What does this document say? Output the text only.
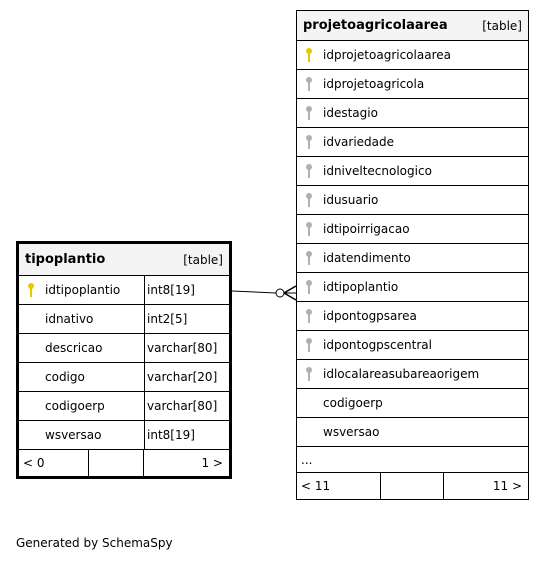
tipoplantio	[table]
idtipoplantio	int8[19]
idnativo	int2[5]
descricao	varchar[80]
codigo	varchar[20]
codigoerp	varchar[80]
wsversao	int8[19]
< 0	1 >
projetoagricolaarea	[table]
idprojetoagricolaarea
idprojetoagricola
idestagio
idvariedade
idniveltecnologico
idusuario
idtipoirrigacao
idatendimento
idtipoplantio
idpontogpsarea
idpontogpscentral
idlocalareasubareaorigem
codigoerp
wsversao
...
< 11	11 >
Generated by SchemaSpy
